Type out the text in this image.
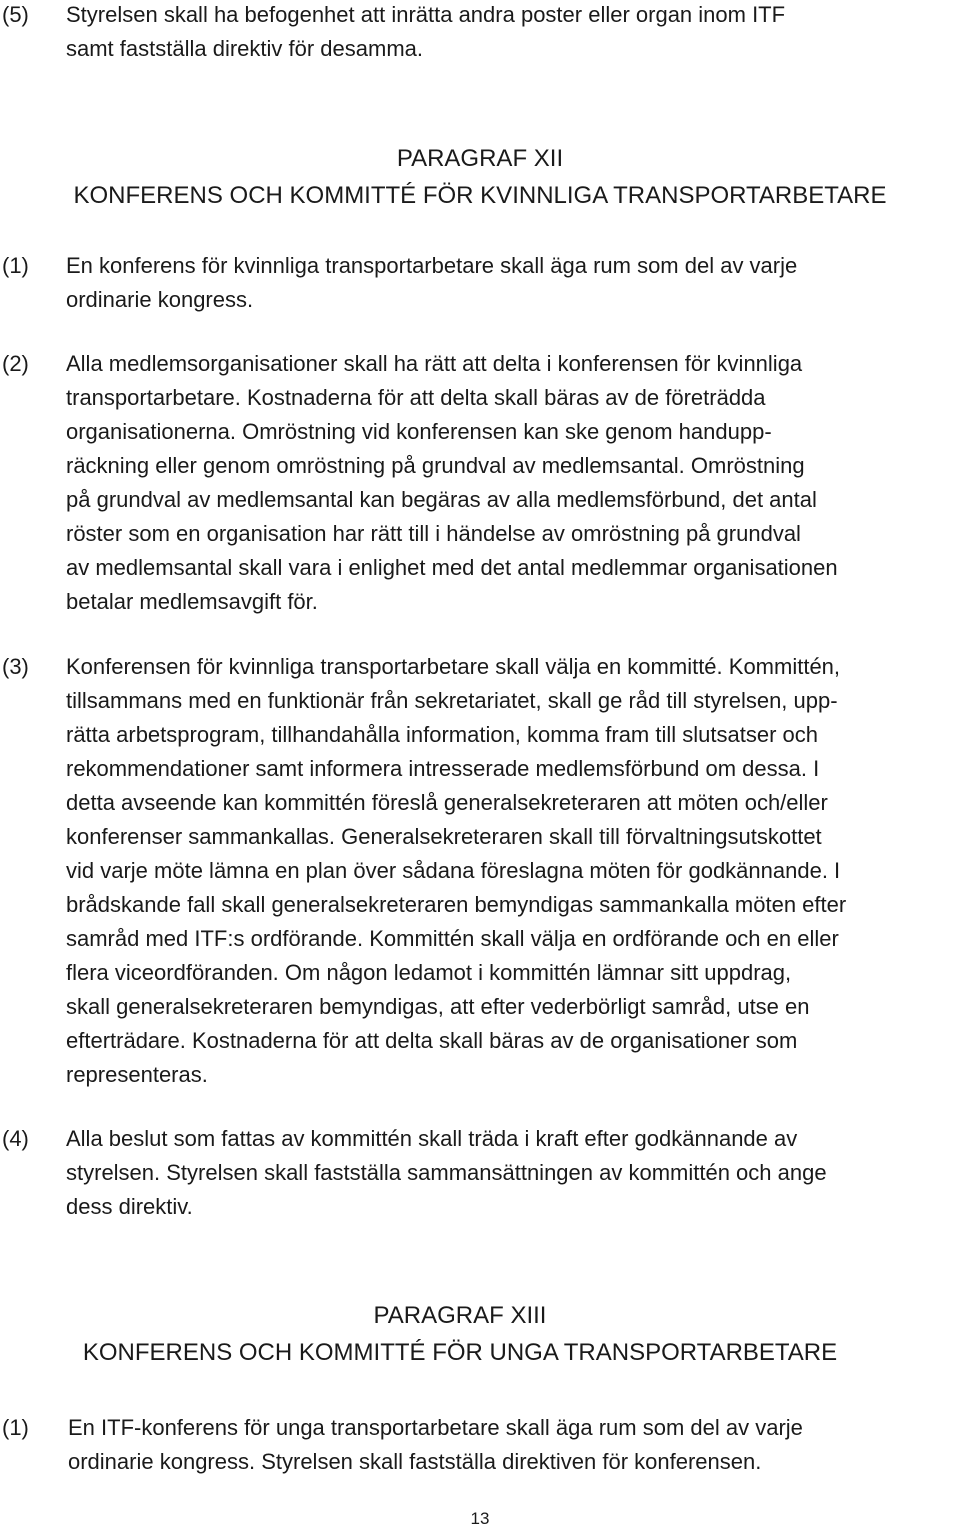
(5) Styrelsen skall ha befogenhet att inrätta andra poster eller organ inom ITF
samt fastställa direktiv för desamma.

PARAGRAF XII
KONFERENS OCH KOMMITTÉ FÖR KVINNLIGA TRANSPORTARBETARE
(1) En konferens för kvinnliga transportarbetare skall äga rum som del av varje
ordinarie kongress.

(2) Alla medlemsorganisationer skall ha rätt att delta i konferensen för kvinnliga
transportarbetare. Kostnaderna för att delta skall bäras av de företrädda
organisationerna. Omröstning vid konferensen kan ske genom handupp-
räckning eller genom omröstning på grundval av medlemsantal. Omröstning
på grundval av medlemsantal kan begäras av alla medlemsförbund, det antal
röster som en organisation har rätt till i händelse av omröstning på grundval
av medlemsantal skall vara i enlighet med det antal medlemmar organisationen
betalar medlemsavgift för.

(3) Konferensen för kvinnliga transportarbetare skall välja en kommitté. Kommittén,
tillsammans med en funktionär från sekretariatet, skall ge råd till styrelsen, upp-
rätta arbetsprogram, tillhandahålla information, komma fram till slutsatser och
rekommendationer samt informera intresserade medlemsförbund om dessa. I
detta avseende kan kommittén föreslå generalsekreteraren att möten och/eller
konferenser sammankallas. Generalsekreteraren skall till förvaltningsutskottet
vid varje möte lämna en plan över sådana föreslagna möten för godkännande. I
brådskande fall skall generalsekreteraren bemyndigas sammankalla möten efter
samråd med ITF:s ordförande. Kommittén skall välja en ordförande och en eller
flera viceordföranden. Om någon ledamot i kommittén lämnar sitt uppdrag,
skall generalsekreteraren bemyndigas, att efter vederbörligt samråd, utse en
efterträdare. Kostnaderna för att delta skall bäras av de organisationer som
representeras.

(4) Alla beslut som fattas av kommittén skall träda i kraft efter godkännande av
styrelsen. Styrelsen skall fastställa sammansättningen av kommittén och ange
dess direktiv.

PARAGRAF XIII
KONFERENS OCH KOMMITTÉ FÖR UNGA TRANSPORTARBETARE
(1) En ITF-konferens för unga transportarbetare skall äga rum som del av varje
ordinarie kongress. Styrelsen skall fastställa direktiven för konferensen.

13
